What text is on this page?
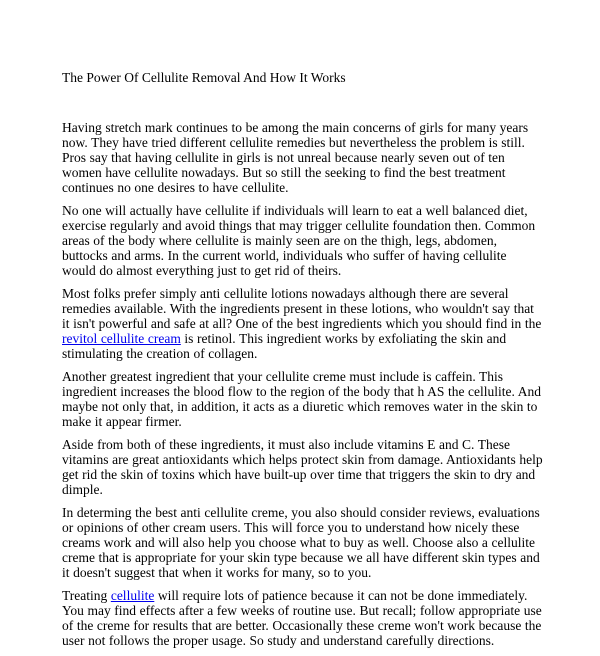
The Power Of Cellulite Removal And How It Works
Having stretch mark continues to be among the main concerns of girls for many years now. They have tried different cellulite remedies but nevertheless the problem is still. Pros say that having cellulite in girls is not unreal because nearly seven out of ten women have cellulite nowadays. But so still the seeking to find the best treatment continues no one desires to have cellulite.
No one will actually have cellulite if individuals will learn to eat a well balanced diet, exercise regularly and avoid things that may trigger cellulite foundation then. Common areas of the body where cellulite is mainly seen are on the thigh, legs, abdomen, buttocks and arms. In the current world, individuals who suffer of having cellulite would do almost everything just to get rid of theirs.
Most folks prefer simply anti cellulite lotions nowadays although there are several remedies available. With the ingredients present in these lotions, who wouldn't say that it isn't powerful and safe at all? One of the best ingredients which you should find in the revitol cellulite cream is retinol. This ingredient works by exfoliating the skin and stimulating the creation of collagen.
Another greatest ingredient that your cellulite creme must include is caffein. This ingredient increases the blood flow to the region of the body that h AS the cellulite. And maybe not only that, in addition, it acts as a diuretic which removes water in the skin to make it appear firmer.
Aside from both of these ingredients, it must also include vitamins E and C. These vitamins are great antioxidants which helps protect skin from damage. Antioxidants help get rid the skin of toxins which have built-up over time that triggers the skin to dry and dimple.
In determing the best anti cellulite creme, you also should consider reviews, evaluations or opinions of other cream users. This will force you to understand how nicely these creams work and will also help you choose what to buy as well. Choose also a cellulite creme that is appropriate for your skin type because we all have different skin types and it doesn't suggest that when it works for many, so to you.
Treating cellulite will require lots of patience because it can not be done immediately. You may find effects after a few weeks of routine use. But recall; follow appropriate use of the creme for results that are better. Occasionally these creme won't work because the user not follows the proper usage. So study and understand carefully directions.
